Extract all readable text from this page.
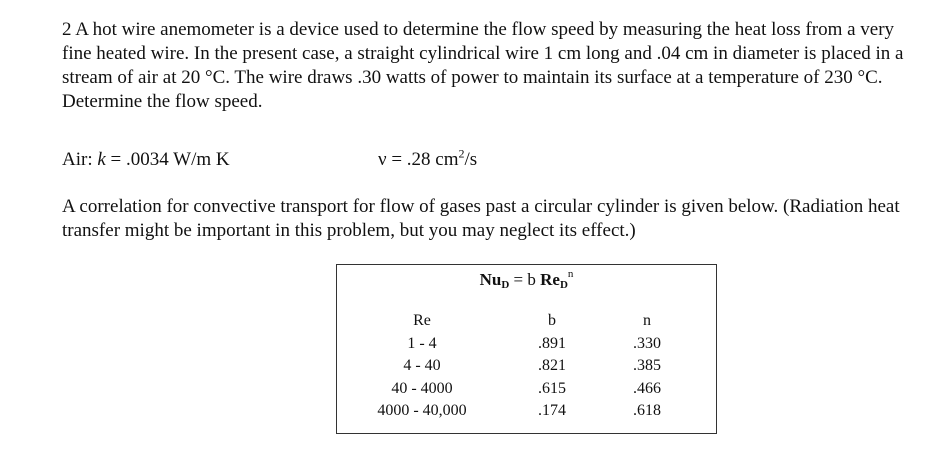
2 A hot wire anemometer is a device used to determine the flow speed by measuring the heat loss from a very fine heated wire. In the present case, a straight cylindrical wire 1 cm long and .04 cm in diameter is placed in a stream of air at 20 °C. The wire draws .30 watts of power to maintain its surface at a temperature of 230 °C. Determine the flow speed.

Air: k = .0034 W/m K	ν = .28 $cm^2/s$

A correlation for convective transport for flow of gases past a circular cylinder is given below. (Radiation heat transfer might be important in this problem, but you may neglect its effect.)

$Nu_D = b$ $Re_D^n$
Re
1 - 4
4 - 40
40 - 4000
4000 - 40,000
b
.891
.821
.615
.174
n
.330
.385
.466
.618
